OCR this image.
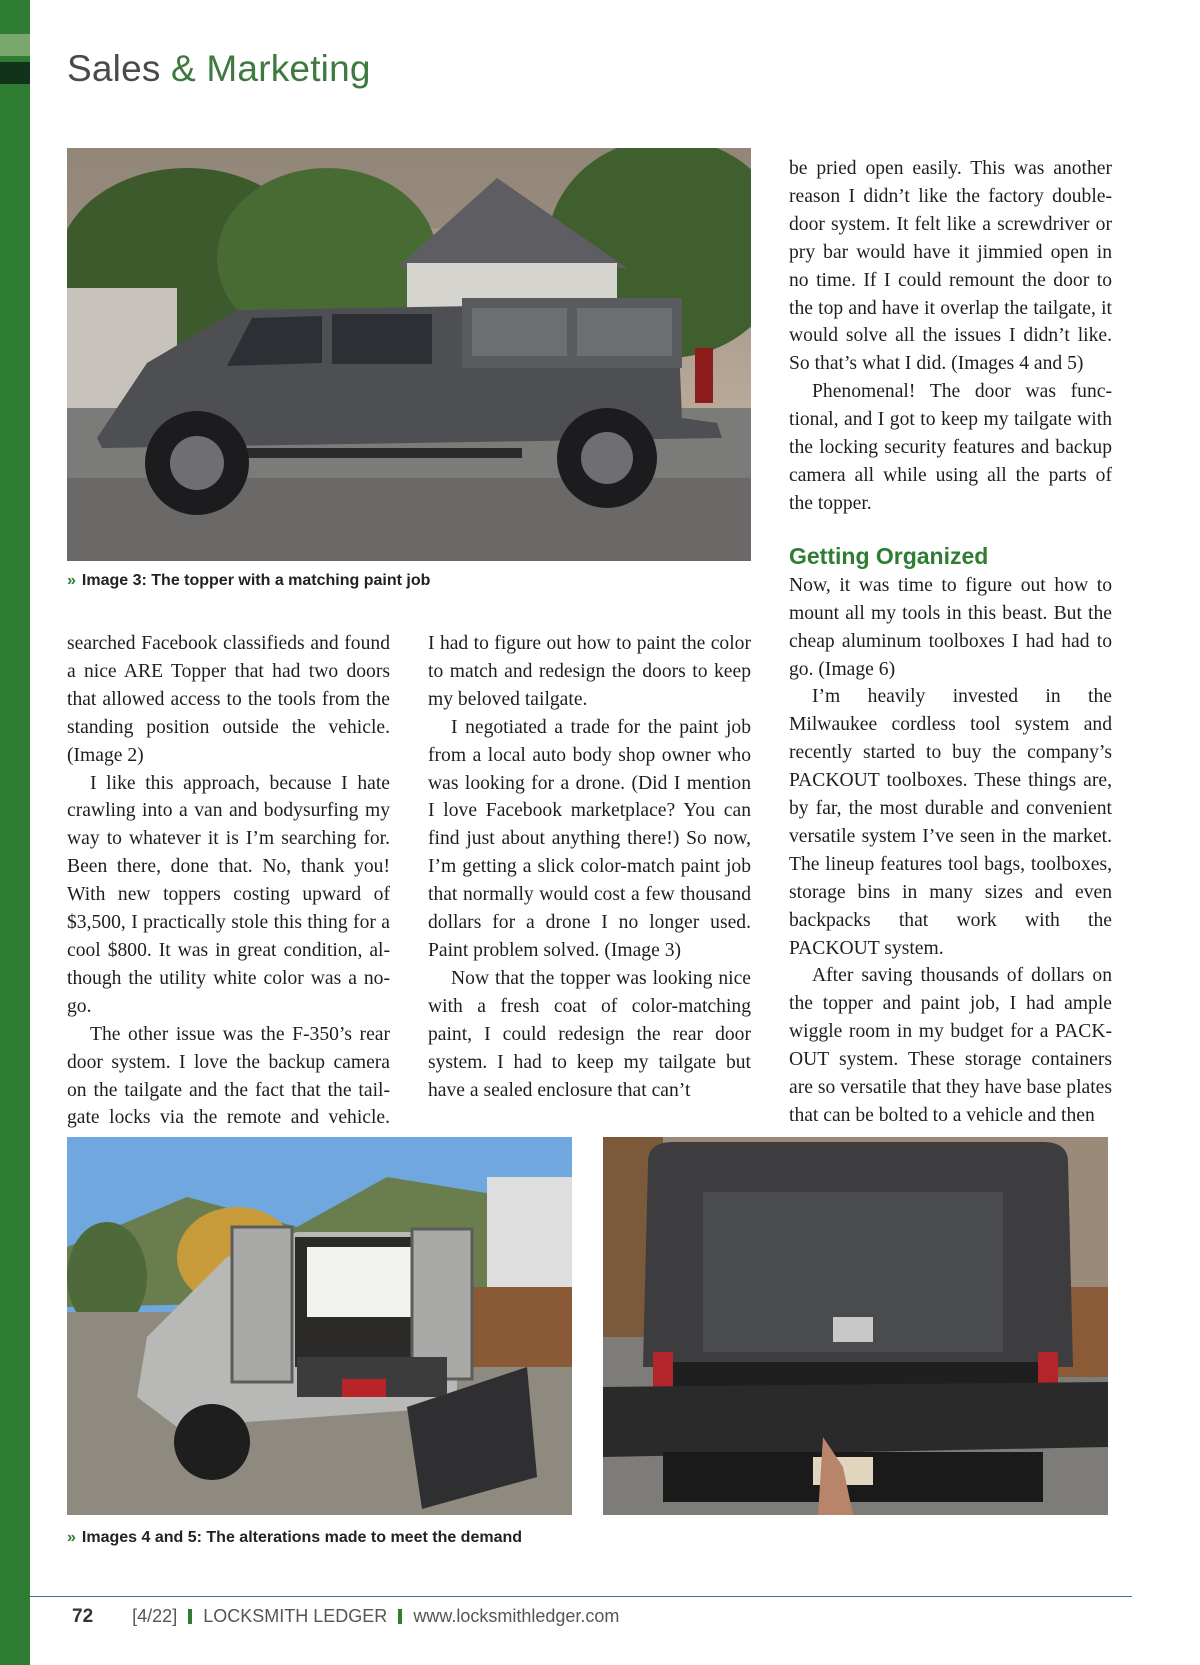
Sales & Marketing
» Image 3: The topper with a matching paint job

searched Facebook classifieds and found a nice ARE Topper that had two doors that allowed access to the tools from the standing position outside the vehicle. (Image 2)

I like this approach, because I hate crawling into a van and bodysurfing my way to whatever it is I’m searching for. Been there, done that. No, thank you! With new toppers costing upward of $3,500, I practically stole this thing for a cool $800. It was in great condition, although the utility white color was a no-go.

The other issue was the F-350’s rear door system. I love the backup camera on the tailgate and the fact that the tailgate locks via the remote and vehicle.

I had to figure out how to paint the color to match and redesign the doors to keep my beloved tailgate.

I negotiated a trade for the paint job from a local auto body shop owner who was looking for a drone. (Did I mention I love Facebook marketplace? You can find just about anything there!) So now, I’m getting a slick color-match paint job that normally would cost a few thousand dollars for a drone I no longer used. Paint problem solved. (Image 3)

Now that the topper was looking nice with a fresh coat of color-matching paint, I could redesign the rear door system. I had to keep my tailgate but have a sealed enclosure that can’t

be pried open easily. This was another reason I didn’t like the factory double-door system. It felt like a screwdriver or pry bar would have it jimmied open in no time. If I could remount the door to the top and have it overlap the tailgate, it would solve all the issues I didn’t like. So that’s what I did. (Images 4 and 5)

Phenomenal! The door was functional, and I got to keep my tailgate with the locking security features and backup camera all while using all the parts of the topper.

Getting Organized

Now, it was time to figure out how to mount all my tools in this beast. But the cheap aluminum toolboxes I had had to go. (Image 6)

I’m heavily invested in the Milwaukee cordless tool system and recently started to buy the company’s PACKOUT toolboxes. These things are, by far, the most durable and convenient versatile system I’ve seen in the market. The lineup features tool bags, toolboxes, storage bins in many sizes and even backpacks that work with the PACKOUT system.

After saving thousands of dollars on the topper and paint job, I had ample wiggle room in my budget for a PACKOUT system. These storage containers are so versatile that they have base plates that can be bolted to a vehicle and then

» Images 4 and 5: The alterations made to meet the demand
72 [4/22] LOCKSMITH LEDGER www.locksmithledger.com
